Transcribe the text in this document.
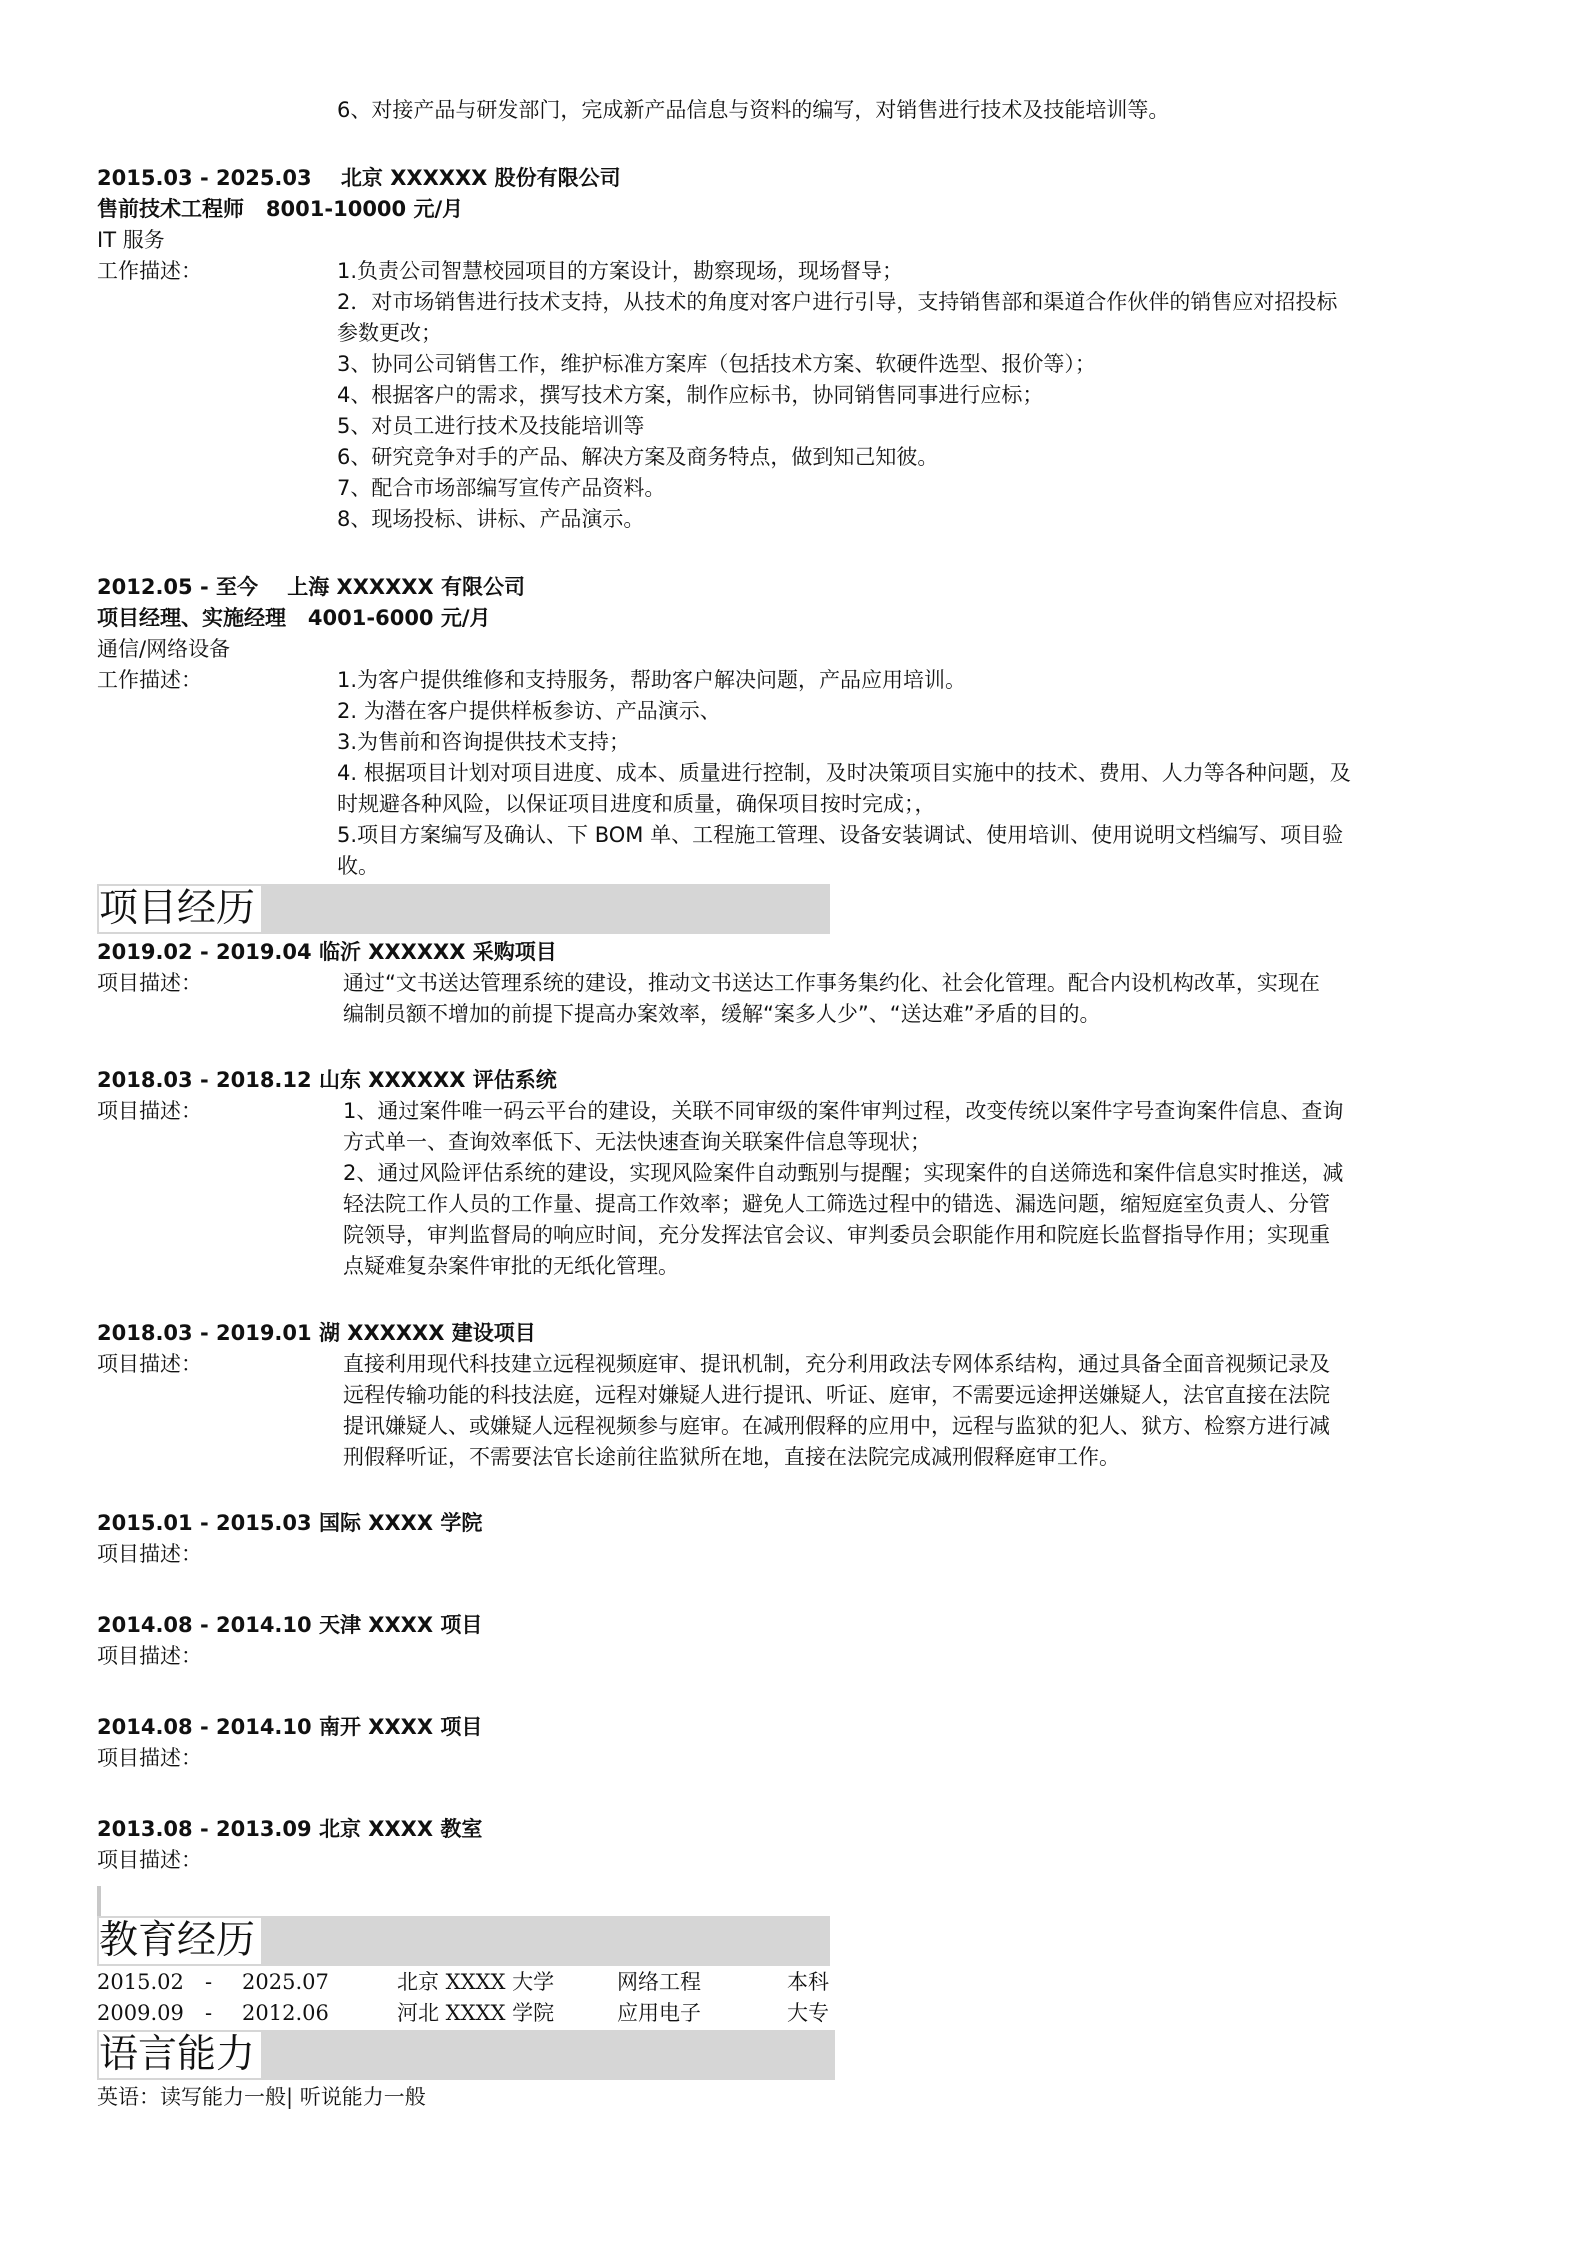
6、对接产品与研发部门，完成新产品信息与资料的编写，对销售进行技术及技能培训等。
2015.03 - 2025.03    北京 XXXXXX 股份有限公司
售前技术工程师   8001-10000 元/月
IT 服务
工作描述：	1.负责公司智慧校园项目的方案设计，勘察现场，现场督导；
2．对市场销售进行技术支持，从技术的角度对客户进行引导，支持销售部和渠道合作伙伴的销售应对招投标
参数更改；
3、协同公司销售工作，维护标准方案库（包括技术方案、软硬件选型、报价等）；
4、根据客户的需求，撰写技术方案，制作应标书，协同销售同事进行应标；
5、对员工进行技术及技能培训等
6、研究竞争对手的产品、解决方案及商务特点，做到知己知彼。
7、配合市场部编写宣传产品资料。
8、现场投标、讲标、产品演示。
2012.05 - 至今    上海 XXXXXX 有限公司
项目经理、实施经理   4001-6000 元/月
通信/网络设备
工作描述：	1.为客户提供维修和支持服务，帮助客户解决问题，产品应用培训。
2. 为潜在客户提供样板参访、产品演示、
3.为售前和咨询提供技术支持；
4. 根据项目计划对项目进度、成本、质量进行控制，及时决策项目实施中的技术、费用、人力等各种问题，及
时规避各种风险，以保证项目进度和质量，确保项目按时完成；，
5.项目方案编写及确认、下 BOM 单、工程施工管理、设备安装调试、使用培训、使用说明文档编写、项目验
收。
项目经历
2019.02 - 2019.04 临沂 XXXXXX 采购项目
项目描述：	通过“文书送达管理系统的建设，推动文书送达工作事务集约化、社会化管理。配合内设机构改革，实现在
编制员额不增加的前提下提高办案效率，缓解“案多人少”、“送达难”矛盾的目的。
2018.03 - 2018.12 山东 XXXXXX 评估系统
项目描述：	1、通过案件唯一码云平台的建设，关联不同审级的案件审判过程，改变传统以案件字号查询案件信息、查询
方式单一、查询效率低下、无法快速查询关联案件信息等现状；
2、通过风险评估系统的建设，实现风险案件自动甄别与提醒；实现案件的自送筛选和案件信息实时推送，减
轻法院工作人员的工作量、提高工作效率；避免人工筛选过程中的错选、漏选问题，缩短庭室负责人、分管
院领导，审判监督局的响应时间，充分发挥法官会议、审判委员会职能作用和院庭长监督指导作用；实现重
点疑难复杂案件审批的无纸化管理。
2018.03 - 2019.01 湖 XXXXXX 建设项目
项目描述：	直接利用现代科技建立远程视频庭审、提讯机制，充分利用政法专网体系结构，通过具备全面音视频记录及
远程传输功能的科技法庭，远程对嫌疑人进行提讯、听证、庭审，不需要远途押送嫌疑人，法官直接在法院
提讯嫌疑人、或嫌疑人远程视频参与庭审。在减刑假释的应用中，远程与监狱的犯人、狱方、检察方进行减
刑假释听证，不需要法官长途前往监狱所在地，直接在法院完成减刑假释庭审工作。
2015.01 - 2015.03 国际 XXXX 学院
项目描述：
2014.08 - 2014.10 天津 XXXX 项目
项目描述：
2014.08 - 2014.10 南开 XXXX 项目
项目描述：
2013.08 - 2013.09 北京 XXXX 教室
项目描述：
教育经历
2015.02 - 2025.07	北京 XXXX 大学	网络工程	本科
2009.09 - 2012.06	河北 XXXX 学院	应用电子	大专
语言能力
英语：读写能力一般| 听说能力一般
